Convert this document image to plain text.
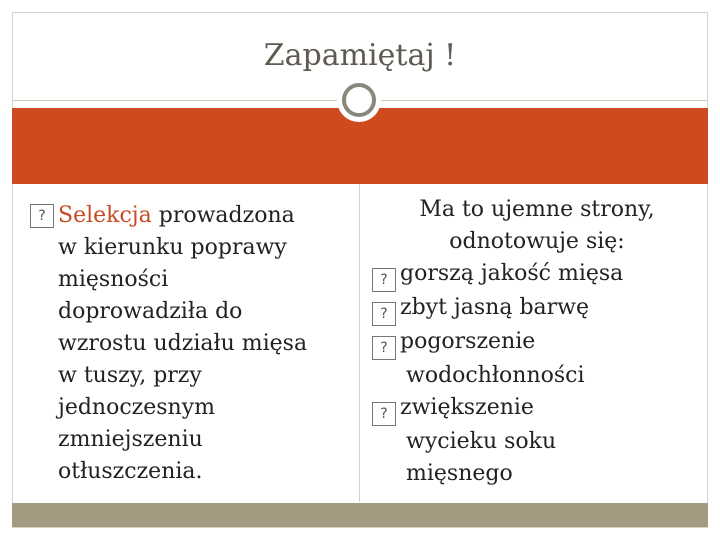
Zapamiętaj !
? Selekcja prowadzona
w kierunku poprawy
mięsności
doprowadziła do
wzrostu udziału mięsa
w tuszy, przy
jednoczesnym
zmniejszeniu
otłuszczenia.
Ma to ujemne strony,
odnotowuje się:
? gorszą jakość mięsa
? zbyt jasną barwę
? pogorszenie
wodochłonności
? zwiększenie
wycieku soku
mięsnego
